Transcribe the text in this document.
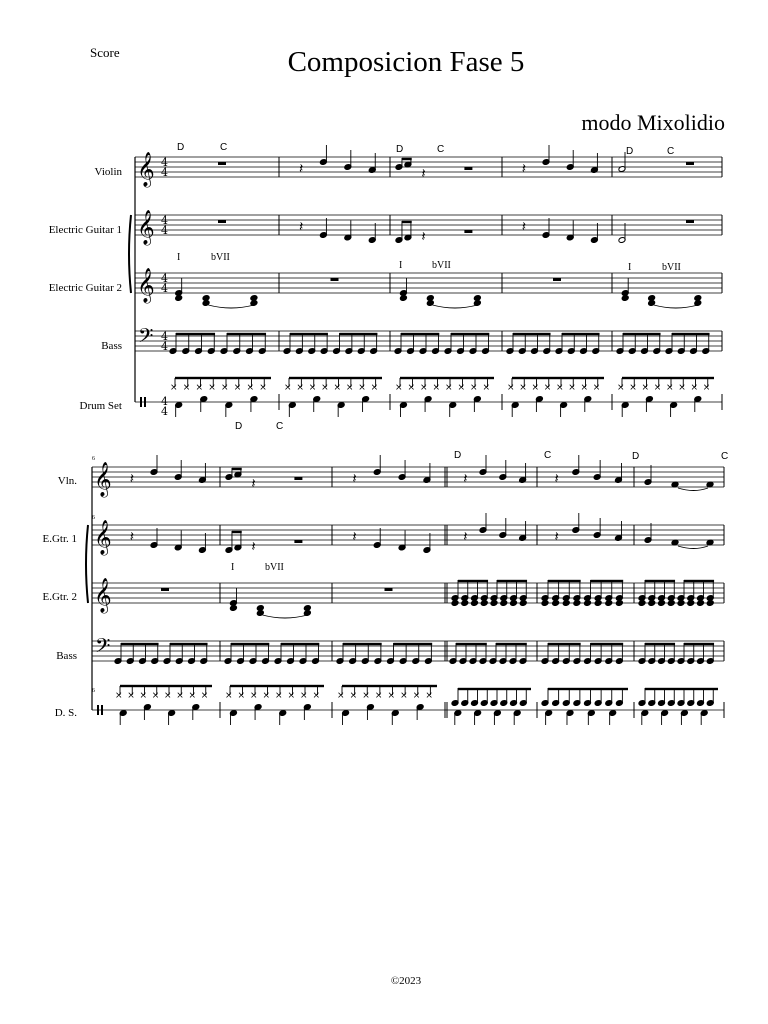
𝄞
𝄞
𝄞
𝄢
𝄞
𝄞
𝄞
𝄢
4
4
4
4
4
4
4
4
4
4
𝄽	𝄽	𝄽
𝄽
𝄽
𝄽
× × × × × × × × × × × × × × × × × × × × × × × × × × × × × × × × × × × × × × × ×
𝄽	𝄽	𝄽	𝄽	𝄽
𝄽
𝄽
𝄽	𝄽	𝄽
× × × × × × × × × × × × × × × × × × × × × × × ×
Score	Composicion Fase 5
modo Mixolidio
Violin
Electric Guitar 1
Electric Guitar 2
Bass
Drum Set
D	C	D	C	D	C
I	bVII
I	bVII	I	bVII
Vln.
E.Gtr. 1
E.Gtr. 2
Bass
D. S.
6
6
6
D	C
D	C	D	C
I	bVII
©2023
